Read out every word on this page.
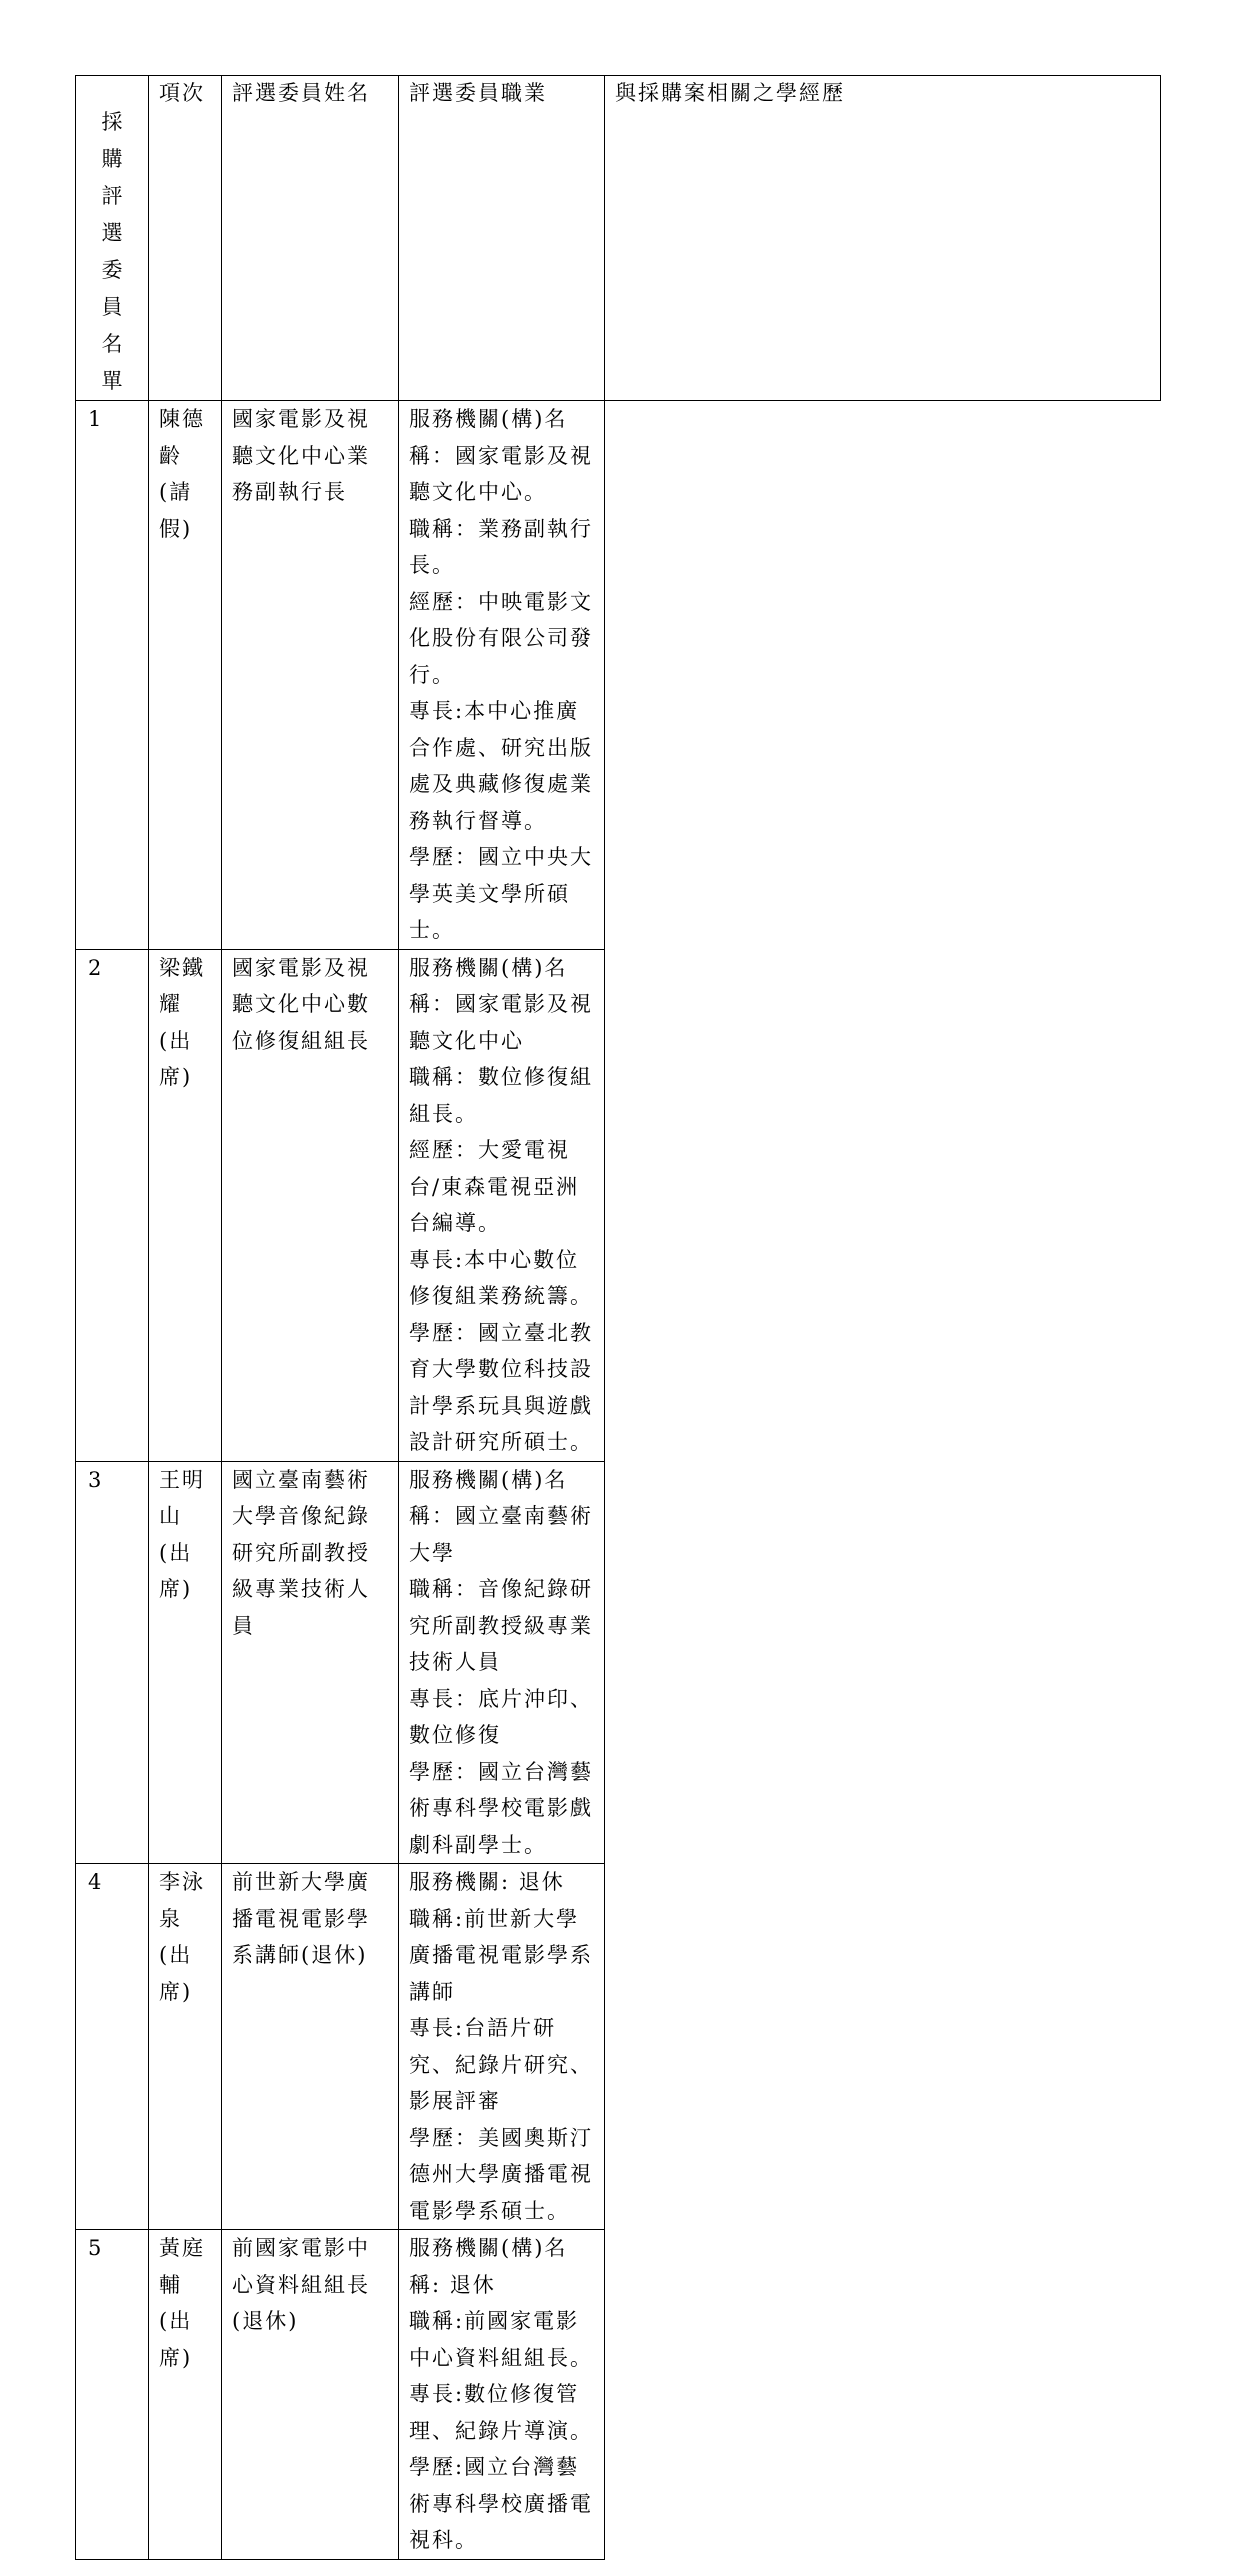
採購評選委員名單	項次	評選委員姓名	評選委員職業	與採購案相關之學經歷
1	陳德齡(請假)	國家電影及視聽文化中心業務副執行長	服務機關(構)名稱：國家電影及視聽文化中心。
職稱：業務副執行長。
經歷：中映電影文化股份有限公司發行。
專長:本中心推廣合作處、研究出版處及典藏修復處業務執行督導。
學歷：國立中央大學英美文學所碩士。	

2	梁鐵耀(出席)	國家電影及視聽文化中心數位修復組組長	服務機關(構)名稱：國家電影及視聽文化中心
職稱：數位修復組組長。
經歷：大愛電視台/東森電視亞洲台編導。
專長:本中心數位修復組業務統籌。
學歷：國立臺北教育大學數位科技設計學系玩具與遊戲設計研究所碩士。	

3	王明山(出席)	國立臺南藝術大學音像紀錄研究所副教授級專業技術人員	服務機關(構)名稱：國立臺南藝術大學
職稱：音像紀錄研究所副教授級專業技術人員
專長：底片沖印、數位修復
學歷：國立台灣藝術專科學校電影戲劇科副學士。	

4	李泳泉(出席)	前世新大學廣播電視電影學系講師(退休)	服務機關: 退休
職稱:前世新大學廣播電視電影學系講師
專長:台語片研究、紀錄片研究、影展評審
學歷：美國奧斯汀德州大學廣播電視電影學系碩士。	

5	黃庭輔(出席)	前國家電影中心資料組組長(退休)	服務機關(構)名稱: 退休
職稱:前國家電影中心資料組組長。
專長:數位修復管理、紀錄片導演。
學歷:國立台灣藝術專科學校廣播電視科。	
